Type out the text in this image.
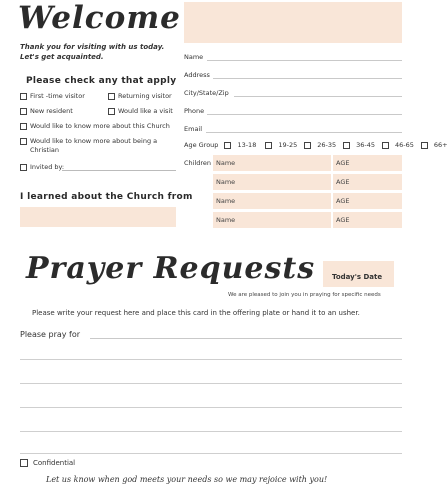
Welcome
Thank you for visiting with us today.
Let's get acquainted.
Please check any that apply
First -time visitor	Returning visitor
New resident	Would like a visit
Would like to know more about this Church
Would like to know more about being a
Christian
Invited by:
I learned about the Church from
Name
Address
City/State/Zip
Phone
Email
Age Group	13-18	19-25	26-35	36-45	46-65	66+
Children Name	AGE
Name	AGE
Name	AGE
Name	AGE
Prayer Requests	Today's Date
We are pleased to join you in praying for specific needs
Please write your request here and place this card in the offering plate or hand it to an usher.
Please pray for
Confidential
Let us know when god meets your needs so we may rejoice with you!
